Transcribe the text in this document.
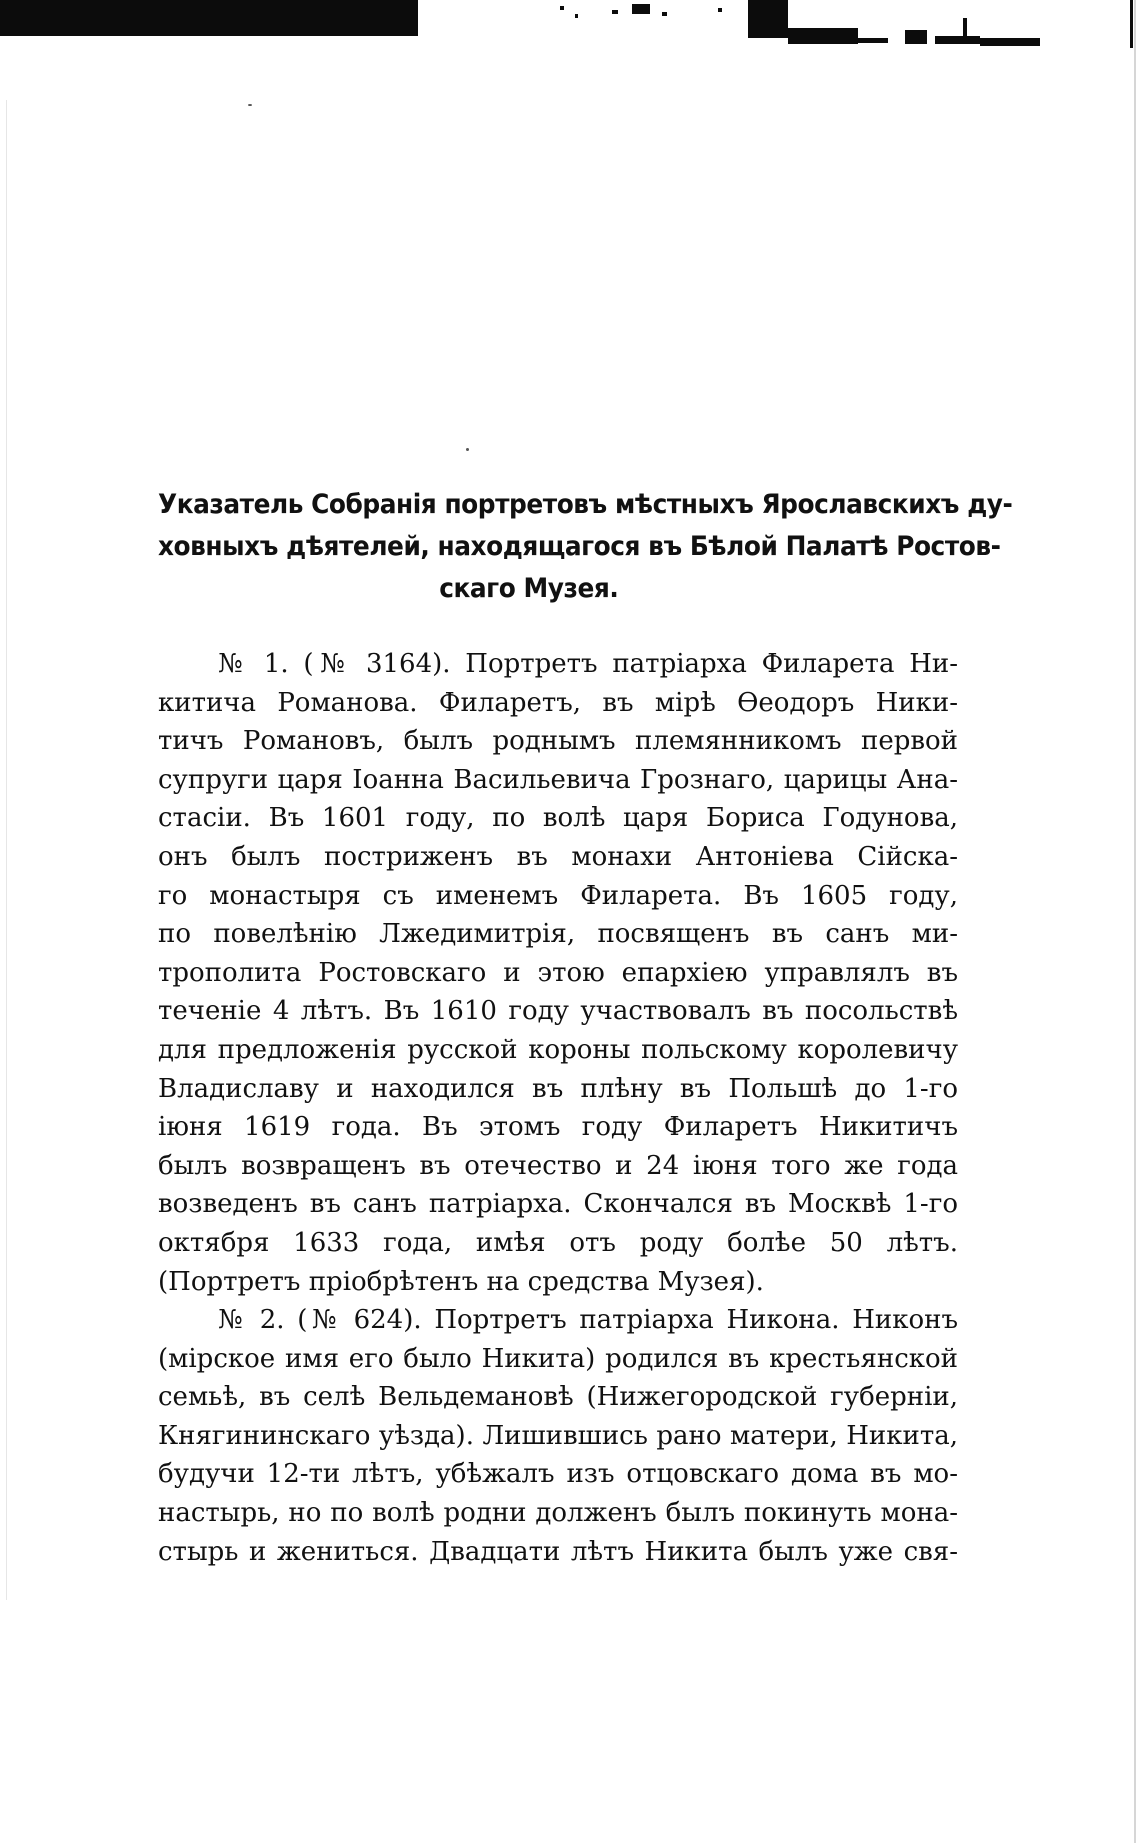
Указатель Собранія портретовъ мѣстныхъ Ярославскихъ ду-
ховныхъ дѣятелей, находящагося въ Бѣлой Палатѣ Ростов-
скаго Музея.
№ 1. (№ 3164). Портретъ патріарха Филарета Ни-
китича Романова. Филаретъ, въ мірѣ Өеодоръ Ники-
тичъ Романовъ, былъ роднымъ племянникомъ первой
супруги царя Іоанна Васильевича Грознаго, царицы Ана-
стасіи. Въ 1601 году, по волѣ царя Бориса Годунова,
онъ былъ постриженъ въ монахи Антоніева Сійска-
го монастыря съ именемъ Филарета. Въ 1605 году,
по повелѣнію Лжедимитрія, посвященъ въ санъ ми-
трополита Ростовскаго и этою епархіею управлялъ въ
теченіе 4 лѣтъ. Въ 1610 году участвовалъ въ посольствѣ
для предложенія русской короны польскому королевичу
Владиславу и находился въ плѣну въ Польшѣ до 1-го
іюня 1619 года. Въ этомъ году Филаретъ Никитичъ
былъ возвращенъ въ отечество и 24 іюня того же года
возведенъ въ санъ патріарха. Скончался въ Москвѣ 1-го
октября 1633 года, имѣя отъ роду болѣе 50 лѣтъ.
(Портретъ пріобрѣтенъ на средства Музея).
№ 2. (№ 624). Портретъ патріарха Никона. Никонъ
(мірское имя его было Никита) родился въ крестьянской
семьѣ, въ селѣ Вельдемановѣ (Нижегородской губерніи,
Княгининскаго уѣзда). Лишившись рано матери, Никита,
будучи 12-ти лѣтъ, убѣжалъ изъ отцовскаго дома въ мо-
настырь, но по волѣ родни долженъ былъ покинуть мона-
стырь и жениться. Двадцати лѣтъ Никита былъ уже свя-
